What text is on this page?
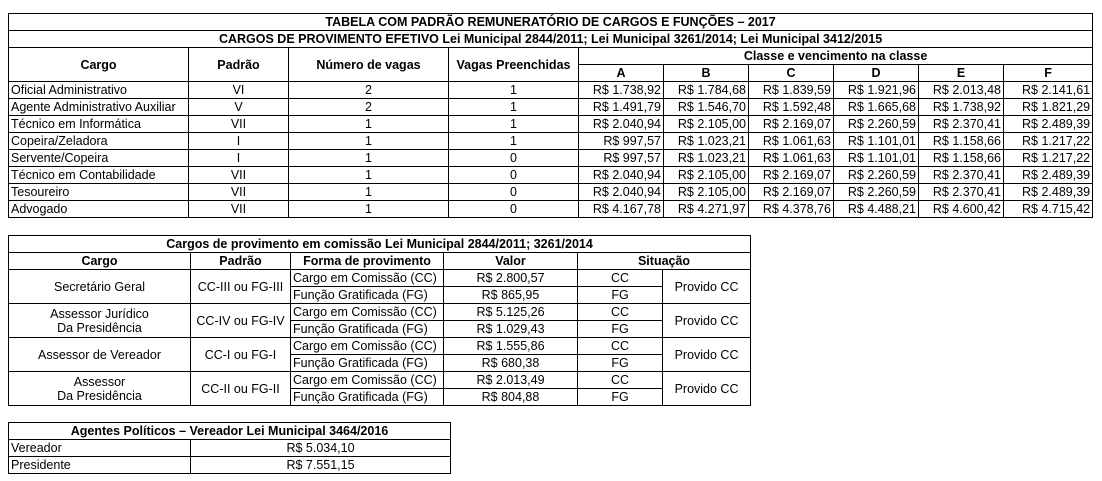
TABELA COM PADRÃO REMUNERATÓRIO DE CARGOS E FUNÇÕES – 2017									
CARGOS DE PROVIMENTO EFETIVO Lei Municipal 2844/2011; Lei Municipal 3261/2014; Lei Municipal 3412/2015									
Cargo	Padrão	Número de vagas	Vagas Preenchidas	Classe e vencimento na classe					
				A	B	C	D	E	F
Oficial Administrativo	VI	2	1	R$ 1.738,92	R$ 1.784,68	R$ 1.839,59	R$ 1.921,96	R$ 2.013,48	R$ 2.141,61
Agente Administrativo Auxiliar	V	2	1	R$ 1.491,79	R$ 1.546,70	R$ 1.592,48	R$ 1.665,68	R$ 1.738,92	R$ 1.821,29
Técnico em Informática	VII	1	1	R$ 2.040,94	R$ 2.105,00	R$ 2.169,07	R$ 2.260,59	R$ 2.370,41	R$ 2.489,39
Copeira/Zeladora	I	1	1	R$ 997,57	R$ 1.023,21	R$ 1.061,63	R$ 1.101,01	R$ 1.158,66	R$ 1.217,22
Servente/Copeira	I	1	0	R$ 997,57	R$ 1.023,21	R$ 1.061,63	R$ 1.101,01	R$ 1.158,66	R$ 1.217,22
Técnico em Contabilidade	VII	1	0	R$ 2.040,94	R$ 2.105,00	R$ 2.169,07	R$ 2.260,59	R$ 2.370,41	R$ 2.489,39
Tesoureiro	VII	1	0	R$ 2.040,94	R$ 2.105,00	R$ 2.169,07	R$ 2.260,59	R$ 2.370,41	R$ 2.489,39
Advogado	VII	1	0	R$ 4.167,78	R$ 4.271,97	R$ 4.378,76	R$ 4.488,21	R$ 4.600,42	R$ 4.715,42
Cargos de provimento em comissão Lei Municipal 2844/2011; 3261/2014					
Cargo	Padrão	Forma de provimento	Valor	Situação	

Secretário Geral	CC-III ou FG-III	Cargo em Comissão (CC)	R$ 2.800,57	CC	Provido CC
		Função Gratificada (FG)	R$ 865,95	FG	

Assessor Jurídico
Da Presidência	CC-IV ou FG-IV	Cargo em Comissão (CC)	R$ 5.125,26	CC	Provido CC
		Função Gratificada (FG)	R$ 1.029,43	FG	

Assessor de Vereador	CC-I ou FG-I	Cargo em Comissão (CC)	R$ 1.555,86	CC	Provido CC
		Função Gratificada (FG)	R$ 680,38	FG	

Assessor
Da Presidência	CC-II ou FG-II	Cargo em Comissão (CC)	R$ 2.013,49	CC	Provido CC
		Função Gratificada (FG)	R$ 804,88	FG	
Agentes Políticos – Vereador Lei Municipal 3464/2016	
Vereador	R$ 5.034,10
Presidente	R$ 7.551,15
